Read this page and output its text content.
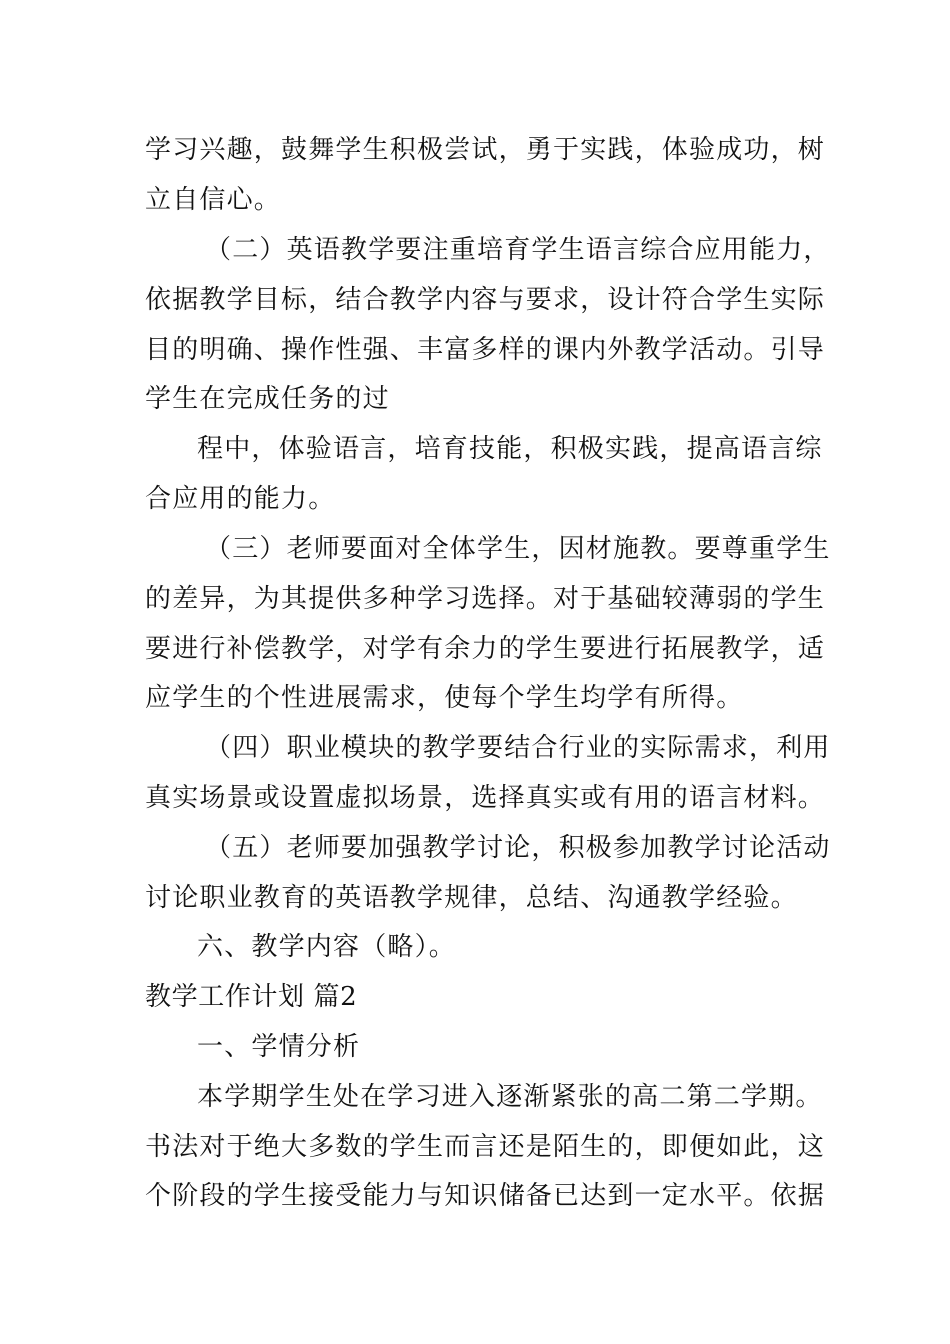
学习兴趣，鼓舞学生积极尝试，勇于实践，体验成功，树
立自信心。
（二）英语教学要注重培育学生语言综合应用能力，
依据教学目标，结合教学内容与要求，设计符合学生实际
目的明确、操作性强、丰富多样的课内外教学活动。引导
学生在完成任务的过
程中，体验语言，培育技能，积极实践，提高语言综
合应用的能力。
（三）老师要面对全体学生，因材施教。要尊重学生
的差异，为其提供多种学习选择。对于基础较薄弱的学生
要进行补偿教学，对学有余力的学生要进行拓展教学，适
应学生的个性进展需求，使每个学生均学有所得。
（四）职业模块的教学要结合行业的实际需求，利用
真实场景或设置虚拟场景，选择真实或有用的语言材料。
（五）老师要加强教学讨论，积极参加教学讨论活动
讨论职业教育的英语教学规律，总结、沟通教学经验。
六、教学内容（略）。
教学工作计划 篇2
一、学情分析
本学期学生处在学习进入逐渐紧张的高二第二学期。
书法对于绝大多数的学生而言还是陌生的，即便如此，这
个阶段的学生接受能力与知识储备已达到一定水平。依据
